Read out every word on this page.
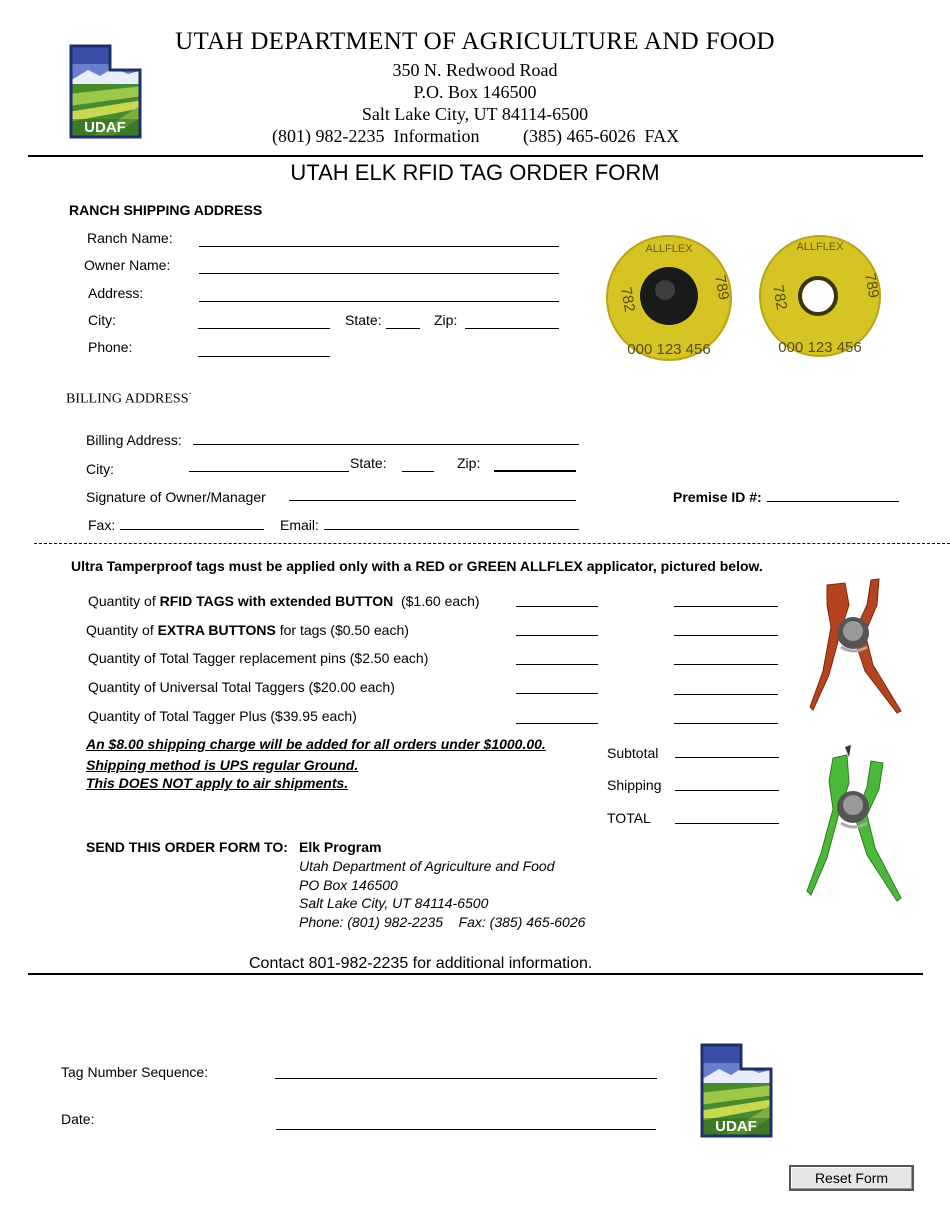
UDAF
UTAH DEPARTMENT OF AGRICULTURE AND FOOD
350 N. Redwood Road
P.O. Box 146500
Salt Lake City, UT 84114-6500
(801) 982-2235  Information (385) 465-6026  FAX
UTAH ELK RFID TAG ORDER FORM
RANCH SHIPPING ADDRESS
Ranch Name:
Owner Name:
Address:
City:	State:	Zip:
Phone:
ALLFLEX
782	789
000 123 456
ALLFLEX
782	789
000 123 456
BILLING ADDRESS·
Billing Address:
City:	State:	Zip:
Signature of Owner/Manager	Premise ID #:
Fax:	Email:
Ultra Tamperproof tags must be applied only with a RED or GREEN ALLFLEX applicator, pictured below.
Quantity of RFID TAGS with extended BUTTON  ($1.60 each)
Quantity of EXTRA BUTTONS for tags ($0.50 each)
Quantity of Total Tagger replacement pins ($2.50 each)
Quantity of Universal Total Taggers ($20.00 each)
Quantity of Total Tagger Plus ($39.95 each)
An $8.00 shipping charge will be added for all orders under $1000.00.
Shipping method is UPS regular Ground.
This DOES NOT apply to air shipments.
Subtotal
Shipping
TOTAL
SEND THIS ORDER FORM TO: Elk Program
Utah Department of Agriculture and Food
PO Box 146500
Salt Lake City, UT 84114-6500
Phone: (801) 982-2235    Fax: (385) 465-6026
Contact 801-982-2235 for additional information.
Tag Number Sequence:
Date:	UDAF
Reset Form
